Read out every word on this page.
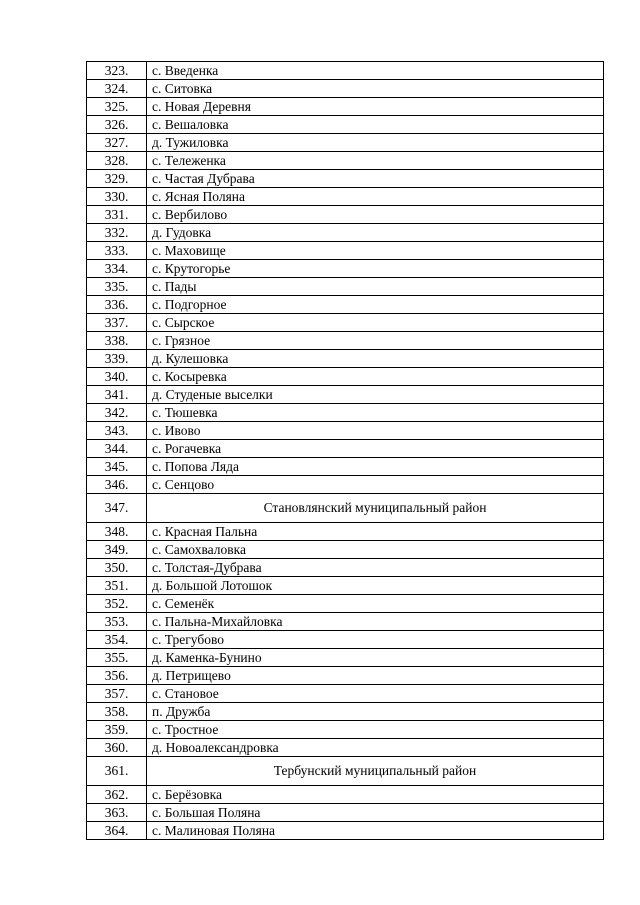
323.	с. Введенка
324.	с. Ситовка
325.	с. Новая Деревня
326.	с. Вешаловка
327.	д. Тужиловка
328.	с. Тележенка
329.	с. Частая Дубрава
330.	с. Ясная Поляна
331.	с. Вербилово
332.	д. Гудовка
333.	с. Маховище
334.	с. Крутогорье
335.	с. Пады
336.	с. Подгорное
337.	с. Сырское
338.	с. Грязное
339.	д. Кулешовка
340.	с. Косыревка
341.	д. Студеные выселки
342.	с. Тюшевка
343.	с. Ивово
344.	с. Рогачевка
345.	с. Попова Ляда
346.	с. Сенцово
347.	Становлянский муниципальный район
348.	с. Красная Пальна
349.	с. Самохваловка
350.	с. Толстая-Дубрава
351.	д. Большой Лотошок
352.	с. Семенёк
353.	с. Пальна-Михайловка
354.	с. Трегубово
355.	д. Каменка-Бунино
356.	д. Петрищево
357.	с. Становое
358.	п. Дружба
359.	с. Тростное
360.	д. Новоалександровка
361.	Тербунский муниципальный район
362.	с. Берёзовка
363.	с. Большая Поляна
364.	с. Малиновая Поляна
